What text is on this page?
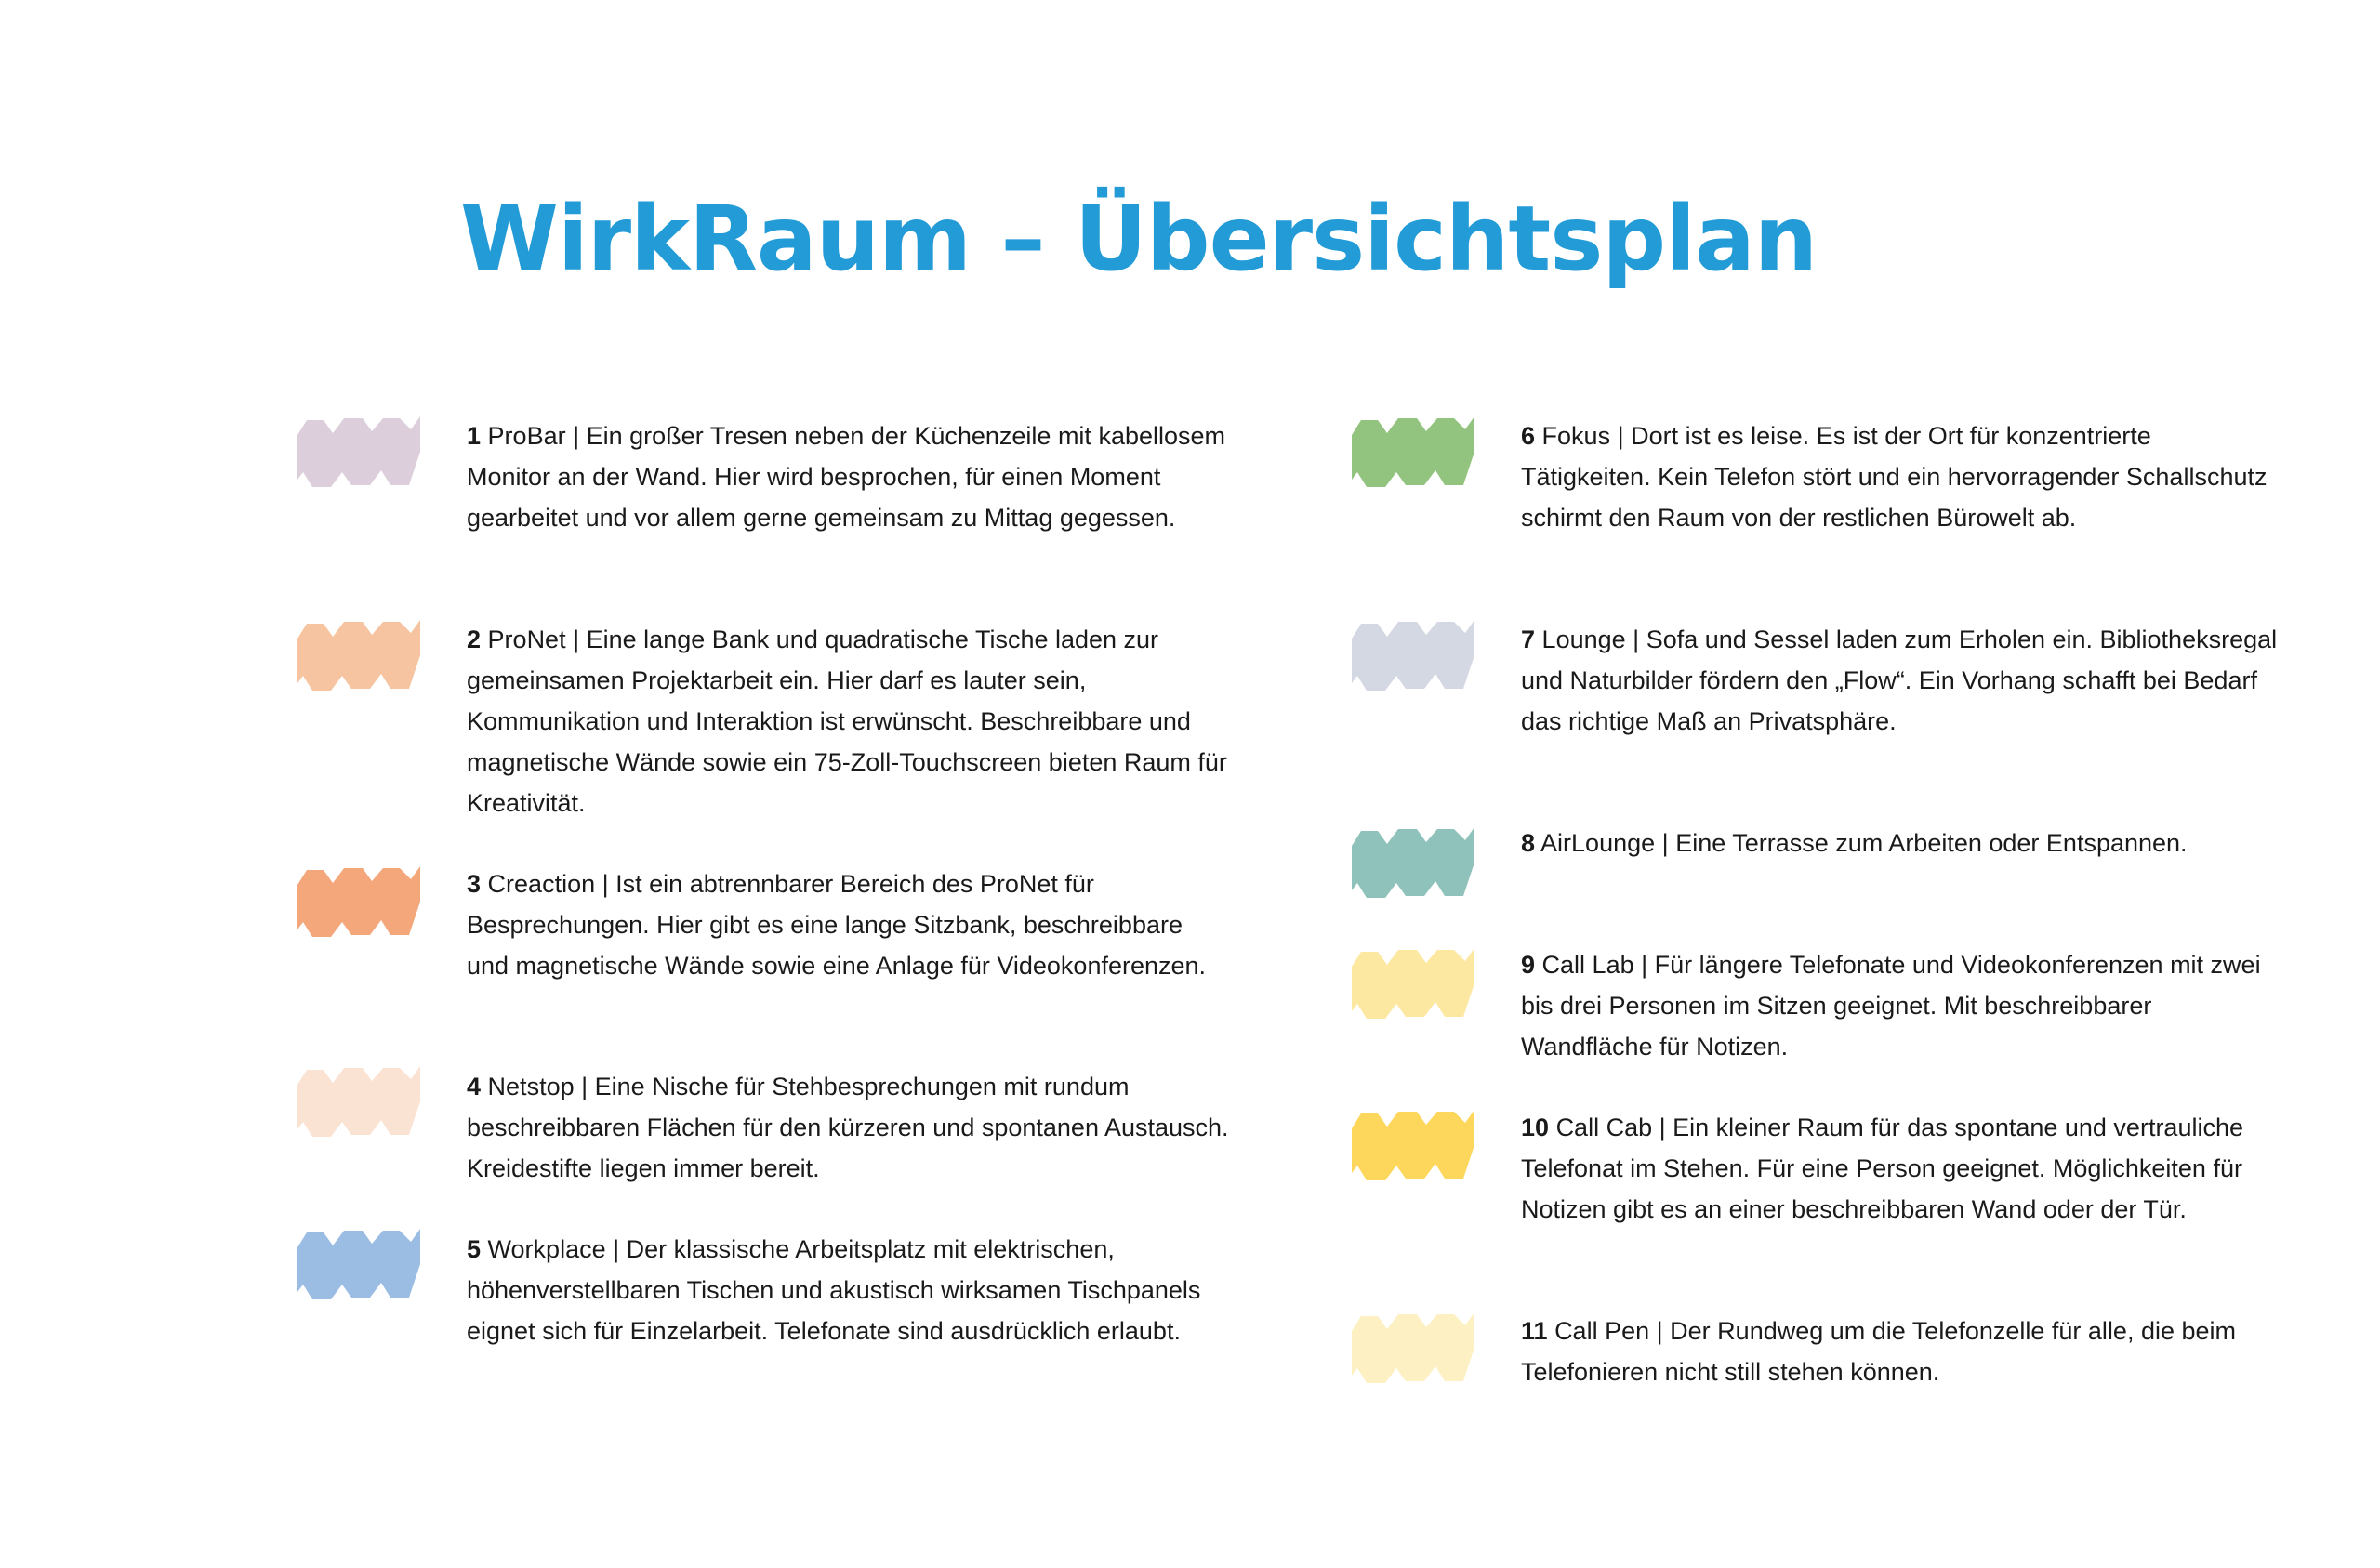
WirkRaum – Übersichtsplan

1 ProBar | Ein großer Tresen neben der Küchenzeile mit kabellosem Monitor an der Wand. Hier wird besprochen, für einen Moment gearbeitet und vor allem gerne gemeinsam zu Mittag gegessen.

2 ProNet | Eine lange Bank und quadratische Tische laden zur gemeinsamen Projektarbeit ein. Hier darf es lauter sein, Kommunikation und Interaktion ist erwünscht. Beschreibbare und magnetische Wände sowie ein 75-Zoll-Touchscreen bieten Raum für Kreativität.

3 Creaction | Ist ein abtrennbarer Bereich des ProNet für Besprechungen. Hier gibt es eine lange Sitzbank, beschreibbare und magnetische Wände sowie eine Anlage für Videokonferenzen.

4 Netstop | Eine Nische für Stehbesprechungen mit rundum beschreibbaren Flächen für den kürzeren und spontanen Austausch. Kreidestifte liegen immer bereit.

5 Workplace | Der klassische Arbeitsplatz mit elektrischen, höhenverstellbaren Tischen und akustisch wirksamen Tischpanels eignet sich für Einzelarbeit. Telefonate sind ausdrücklich erlaubt.

6 Fokus | Dort ist es leise. Es ist der Ort für konzentrierte Tätigkeiten. Kein Telefon stört und ein hervorragender Schallschutz schirmt den Raum von der restlichen Bürowelt ab.

7 Lounge | Sofa und Sessel laden zum Erholen ein. Bibliotheksregal und Naturbilder fördern den „Flow“. Ein Vorhang schafft bei Bedarf das richtige Maß an Privatsphäre.

8 AirLounge | Eine Terrasse zum Arbeiten oder Entspannen.

9 Call Lab | Für längere Telefonate und Videokonferenzen mit zwei bis drei Personen im Sitzen geeignet. Mit beschreibbarer Wandfläche für Notizen.

10 Call Cab | Ein kleiner Raum für das spontane und vertrauliche Telefonat im Stehen. Für eine Person geeignet. Möglichkeiten für Notizen gibt es an einer beschreibbaren Wand oder der Tür.

11 Call Pen | Der Rundweg um die Telefonzelle für alle, die beim Telefonieren nicht still stehen können.
